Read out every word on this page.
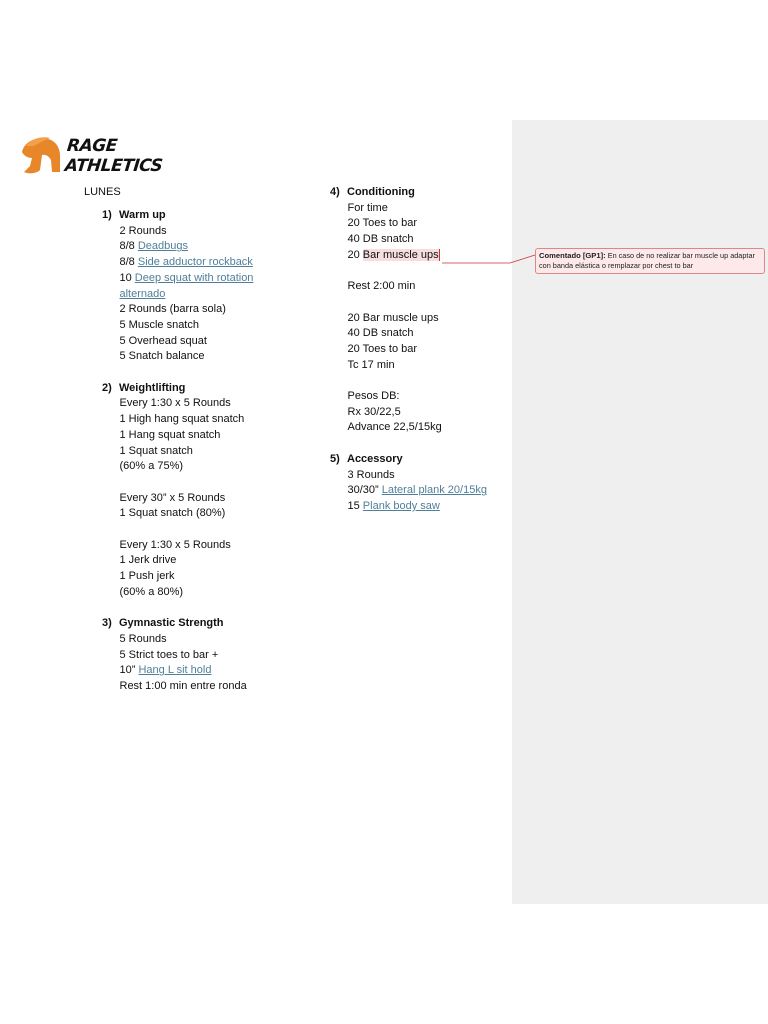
RAGE
ATHLETICS
LUNES
1) Warm up
2 Rounds
8/8 Deadbugs
8/8 Side adductor rockback
10 Deep squat with rotation alternado
2 Rounds (barra sola)
5 Muscle snatch
5 Overhead squat
5 Snatch balance
2) Weightlifting
Every 1:30 x 5 Rounds
1 High hang squat snatch
1 Hang squat snatch
1 Squat snatch
(60% a 75%)
Every 30” x 5 Rounds
1 Squat snatch (80%)
Every 1:30 x 5 Rounds
1 Jerk drive
1 Push jerk
(60% a 80%)
3) Gymnastic Strength
5 Rounds
5 Strict toes to bar +
10” Hang L sit hold
Rest 1:00 min entre ronda
4) Conditioning
For time
20 Toes to bar
40 DB snatch
20 Bar muscle ups
Rest 2:00 min
20 Bar muscle ups
40 DB snatch
20 Toes to bar
Tc 17 min
Pesos DB:
Rx 30/22,5
Advance 22,5/15kg
5) Accessory
3 Rounds
30/30” Lateral plank 20/15kg
15 Plank body saw
Comentado [GP1]: En caso de no realizar bar muscle up adaptar con banda elástica o remplazar por chest to bar
